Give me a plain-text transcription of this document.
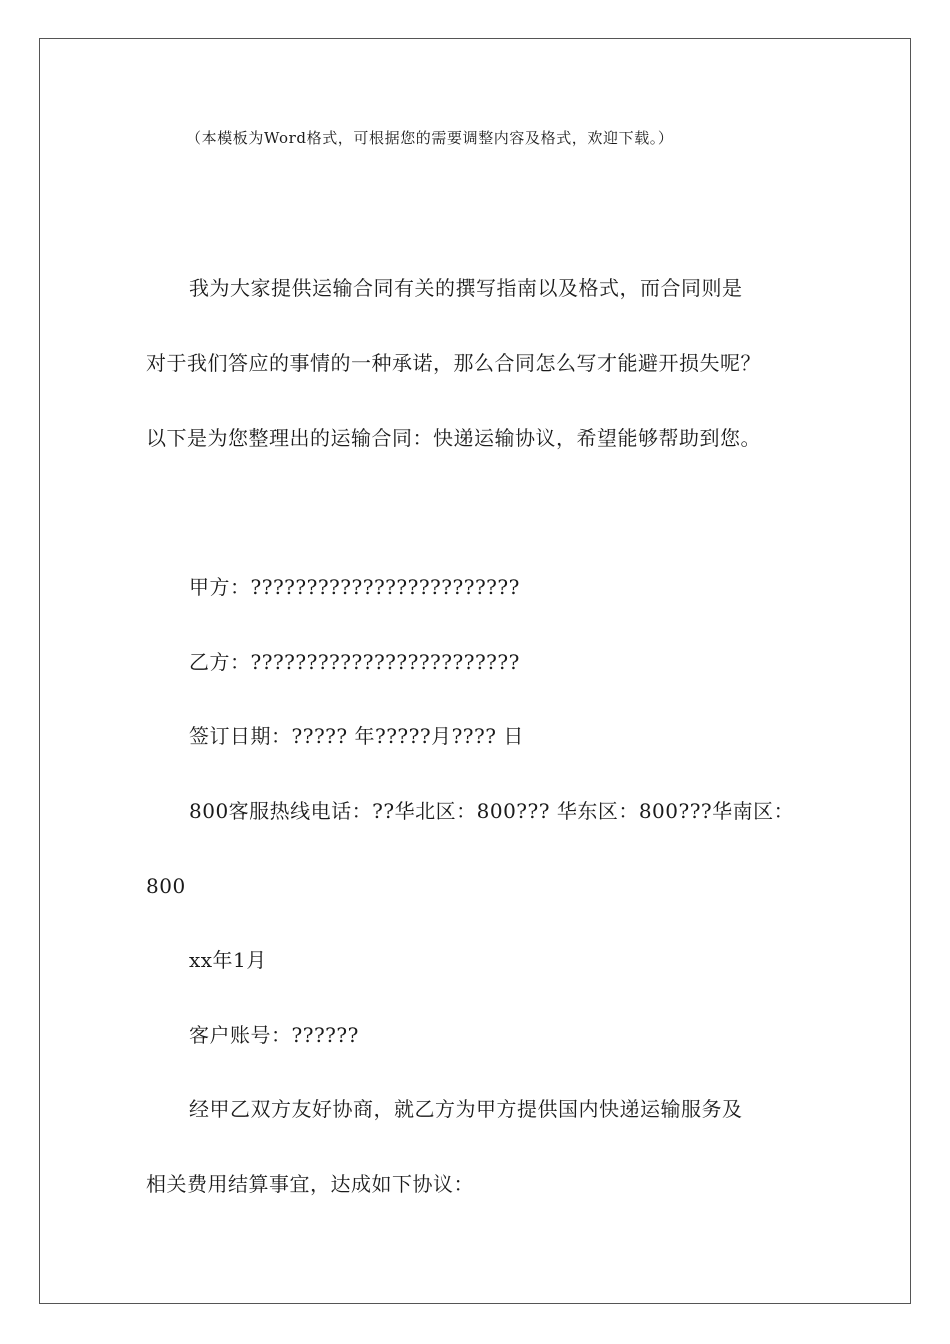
（本模板为Word格式，可根据您的需要调整内容及格式，欢迎下载。）
我为大家提供运输合同有关的撰写指南以及格式，而合同则是
对于我们答应的事情的一种承诺，那么合同怎么写才能避开损失呢？
以下是为您整理出的运输合同：快递运输协议，希望能够帮助到您。
甲方：????????????????????????
乙方：????????????????????????
签订日期：????? 年?????月???? 日
800客服热线电话：??华北区：800??? 华东区：800???华南区：
800
xx年1月
客户账号：??????
经甲乙双方友好协商，就乙方为甲方提供国内快递运输服务及
相关费用结算事宜，达成如下协议：
